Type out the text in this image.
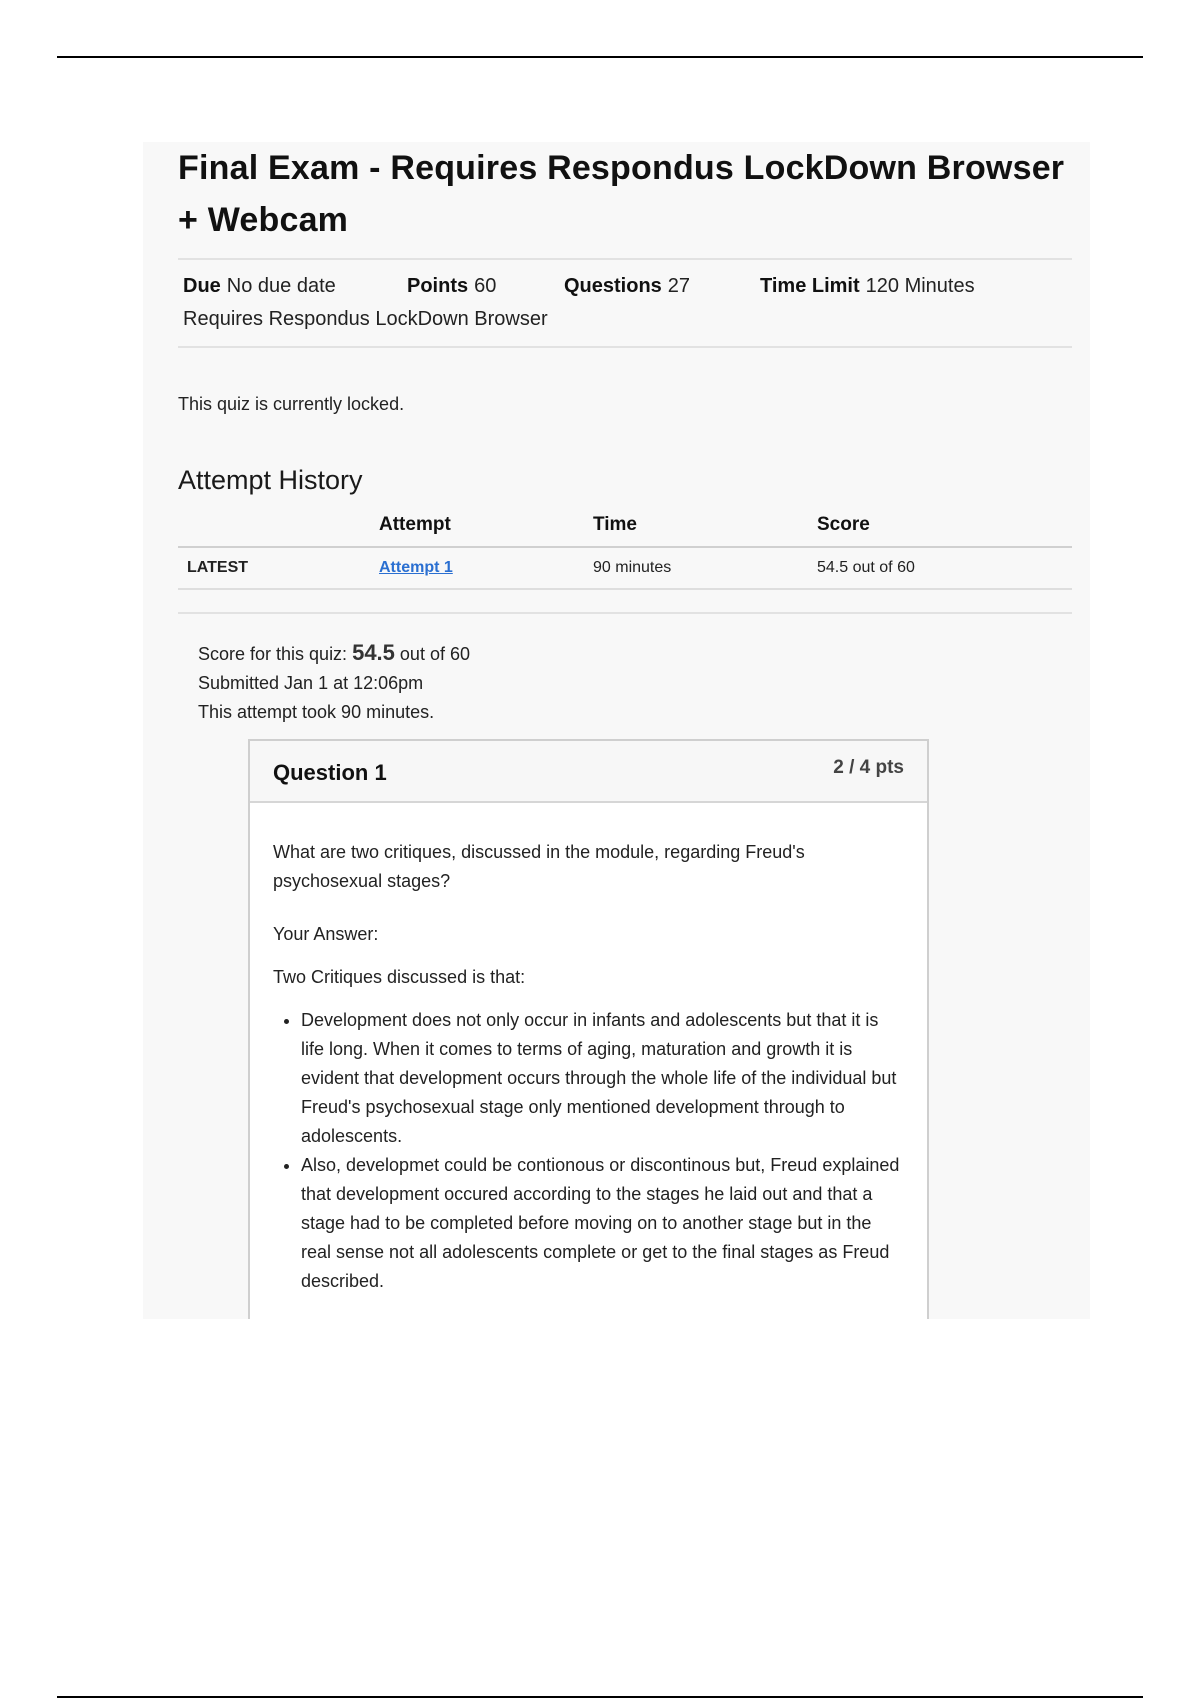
Final Exam - Requires Respondus LockDown Browser + Webcam
Due No due date	Points 60	Questions 27	Time Limit 120 Minutes
Requires Respondus LockDown Browser
This quiz is currently locked.
Attempt History
	Attempt	Time	Score
LATEST	Attempt 1	90 minutes	54.5 out of 60
Score for this quiz: 54.5 out of 60
Submitted Jan 1 at 12:06pm
This attempt took 90 minutes.
Question 1	2 / 4 pts

What are two critiques, discussed in the module, regarding Freud's psychosexual stages?

Your Answer:

Two Critiques discussed is that:

• Development does not only occur in infants and adolescents but that it is life long. When it comes to terms of aging, maturation and growth it is evident that development occurs through the whole life of the individual but Freud's psychosexual stage only mentioned development through to adolescents.
• Also, developmet could be contionous or discontinous but, Freud explained that development occured according to the stages he laid out and that a stage had to be completed before moving on to another stage but in the real sense not all adolescents complete or get to the final stages as Freud described.
